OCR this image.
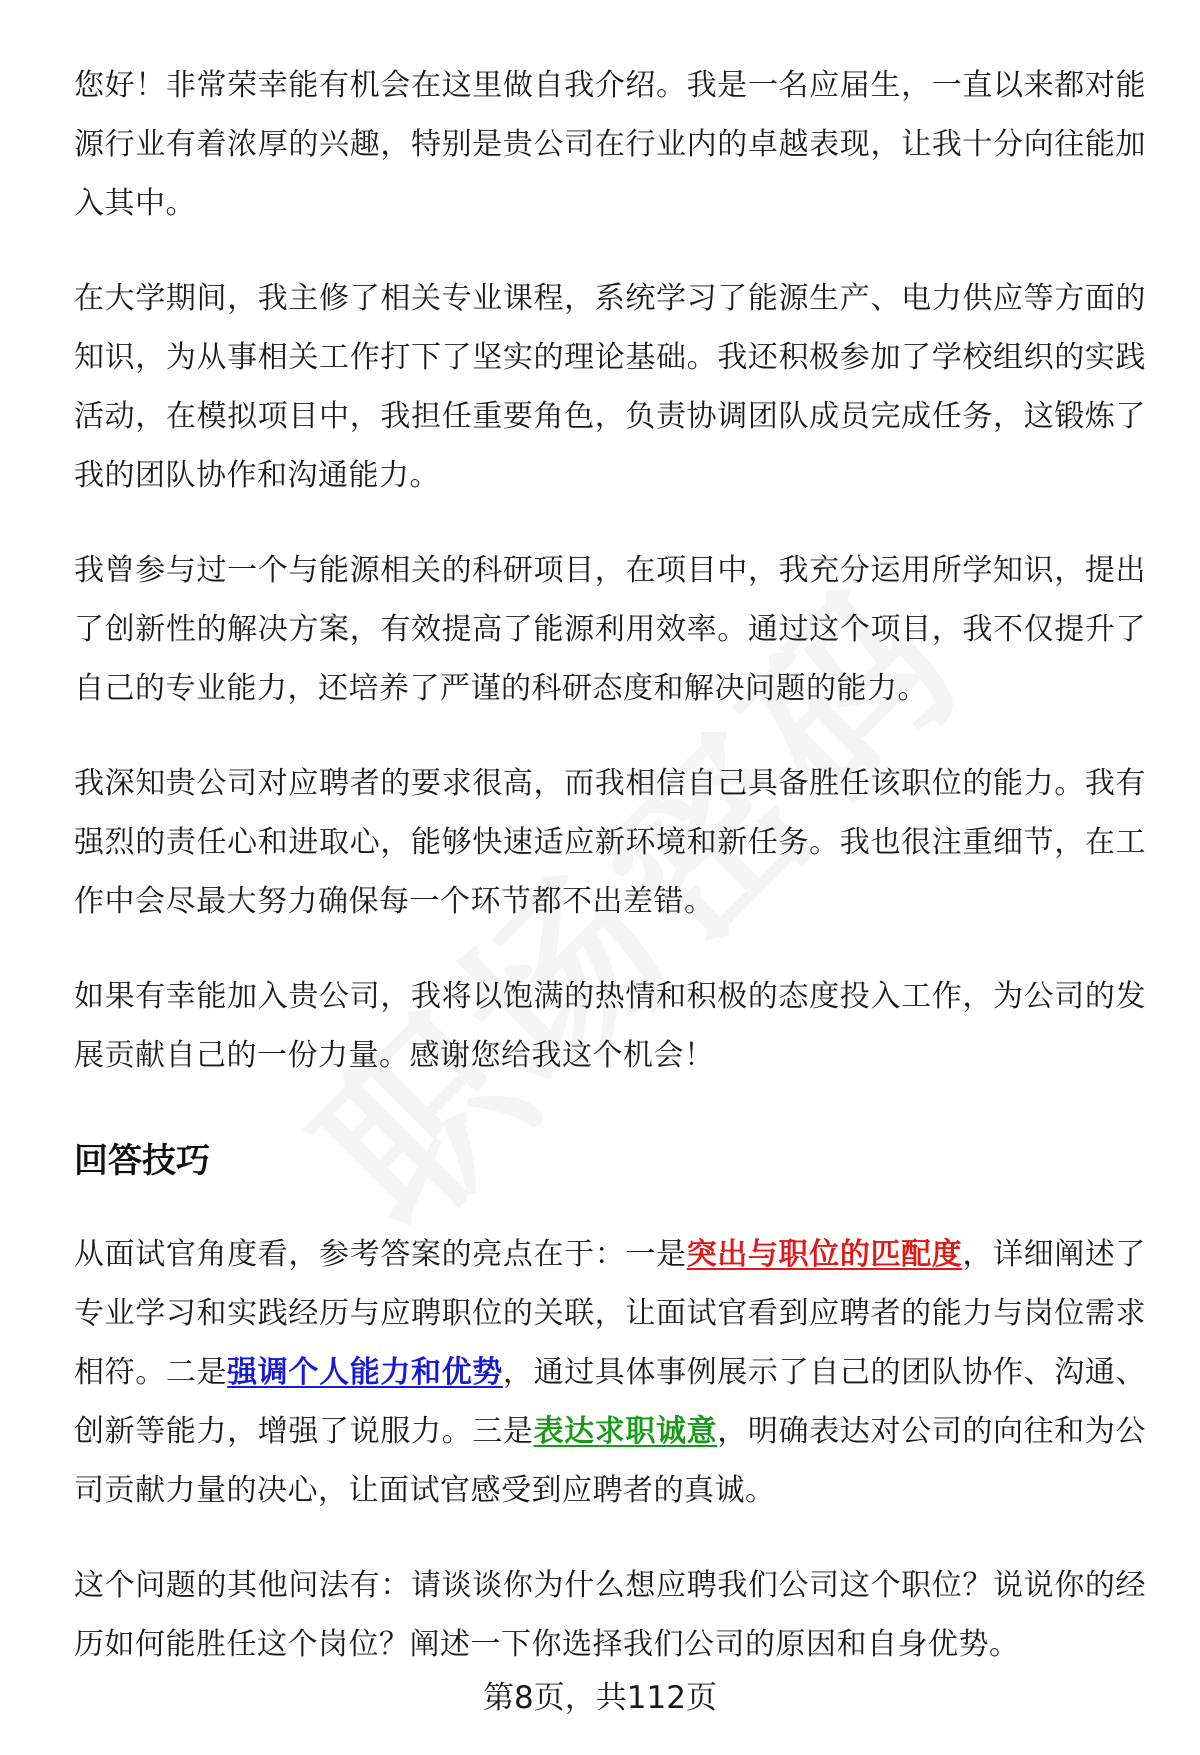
您好！非常荣幸能有机会在这里做自我介绍。我是一名应届生，一直以来都对能源行业有着浓厚的兴趣，特别是贵公司在行业内的卓越表现，让我十分向往能加入其中。

在大学期间，我主修了相关专业课程，系统学习了能源生产、电力供应等方面的知识，为从事相关工作打下了坚实的理论基础。我还积极参加了学校组织的实践活动，在模拟项目中，我担任重要角色，负责协调团队成员完成任务，这锻炼了我的团队协作和沟通能力。

我曾参与过一个与能源相关的科研项目，在项目中，我充分运用所学知识，提出了创新性的解决方案，有效提高了能源利用效率。通过这个项目，我不仅提升了自己的专业能力，还培养了严谨的科研态度和解决问题的能力。

我深知贵公司对应聘者的要求很高，而我相信自己具备胜任该职位的能力。我有强烈的责任心和进取心，能够快速适应新环境和新任务。我也很注重细节，在工作中会尽最大努力确保每一个环节都不出差错。

如果有幸能加入贵公司，我将以饱满的热情和积极的态度投入工作，为公司的发展贡献自己的一份力量。感谢您给我这个机会！

回答技巧

从面试官角度看，参考答案的亮点在于：一是突出与职位的匹配度，详细阐述了专业学习和实践经历与应聘职位的关联，让面试官看到应聘者的能力与岗位需求相符。二是强调个人能力和优势，通过具体事例展示了自己的团队协作、沟通、创新等能力，增强了说服力。三是表达求职诚意，明确表达对公司的向往和为公司贡献力量的决心，让面试官感受到应聘者的真诚。

这个问题的其他问法有：请谈谈你为什么想应聘我们公司这个职位？说说你的经历如何能胜任这个岗位？阐述一下你选择我们公司的原因和自身优势。

第8页，共112页
